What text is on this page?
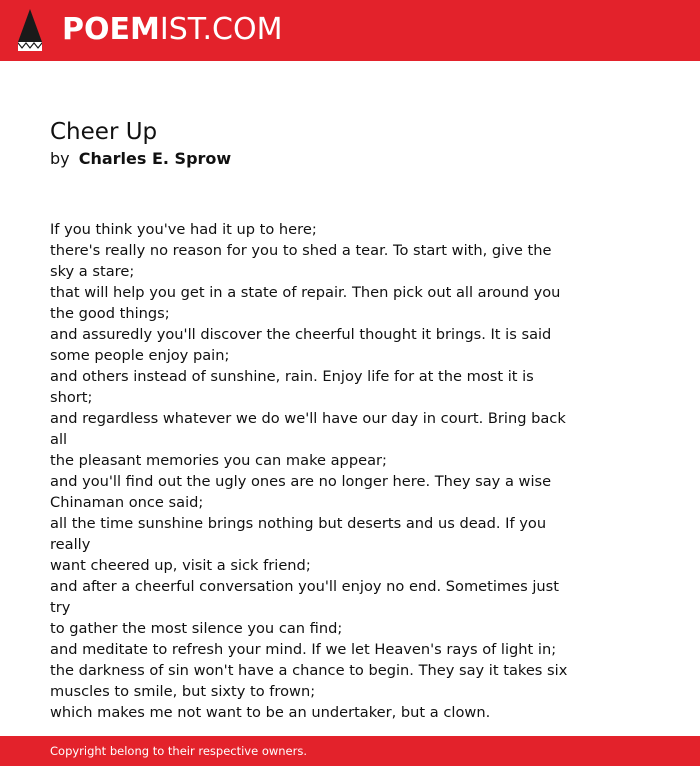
POEMIST.COM
Cheer Up
by Charles E. Sprow
If you think you've had it up to here;
there's really no reason for you to shed a tear. To start with, give the
sky a stare;
that will help you get in a state of repair. Then pick out all around you
the good things;
and assuredly you'll discover the cheerful thought it brings. It is said
some people enjoy pain;
and others instead of sunshine, rain. Enjoy life for at the most it is
short;
and regardless whatever we do we'll have our day in court. Bring back all
the pleasant memories you can make appear;
and you'll find out the ugly ones are no longer here. They say a wise
Chinaman once said;
all the time sunshine brings nothing but deserts and us dead. If you really
want cheered up, visit a sick friend;
and after a cheerful conversation you'll enjoy no end. Sometimes just try
to gather the most silence you can find;
and meditate to refresh your mind. If we let Heaven's rays of light in;
the darkness of sin won't have a chance to begin. They say it takes six
muscles to smile, but sixty to frown;
which makes me not want to be an undertaker, but a clown.
Copyright belong to their respective owners.
